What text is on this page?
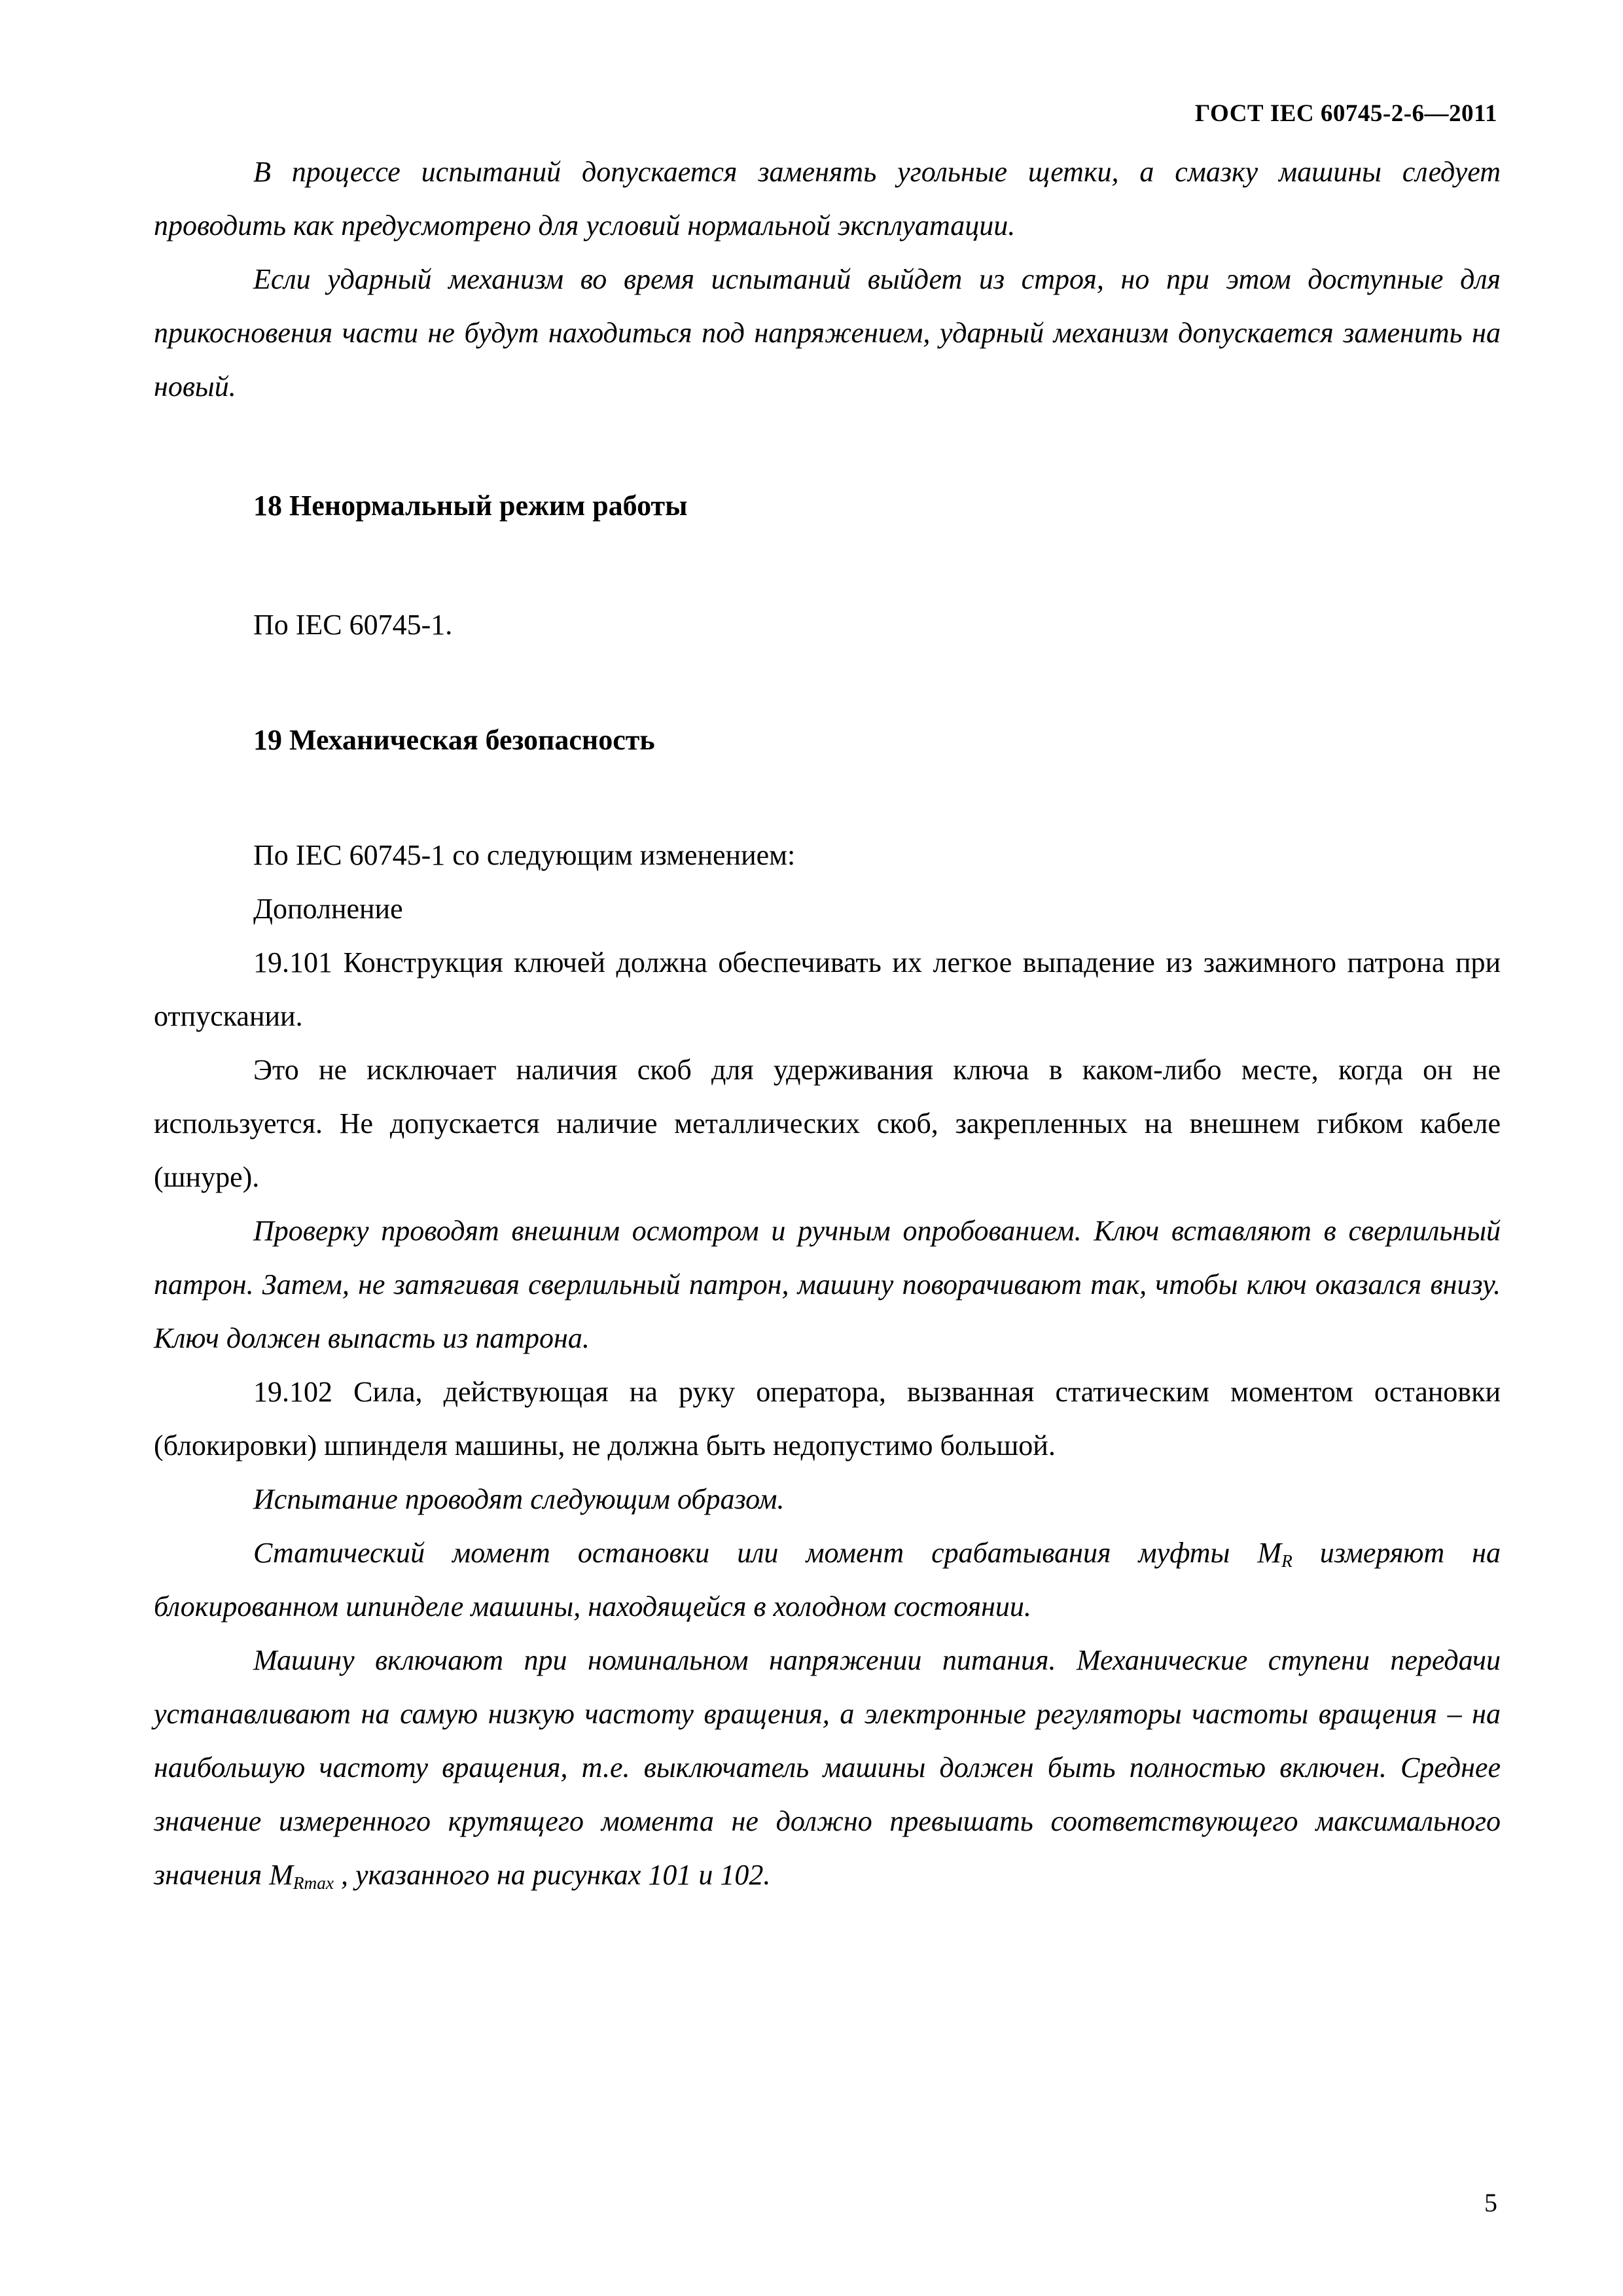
ГОСТ IEC 60745-2-6—2011

В процессе испытаний допускается заменять угольные щетки, а смазку машины следует проводить как предусмотрено для условий нормальной эксплуатации.

Если ударный механизм во время испытаний выйдет из строя, но при этом доступные для прикосновения части не будут находиться под напряжением, ударный механизм допускается заменить на новый.

18 Ненормальный режим работы

По IEC 60745-1.

19 Механическая безопасность

По IEC 60745-1 со следующим изменением:

Дополнение

19.101 Конструкция ключей должна обеспечивать их легкое выпадение из зажимного патрона при отпускании.

Это не исключает наличия скоб для удерживания ключа в каком-либо месте, когда он не используется. Не допускается наличие металлических скоб, закрепленных на внешнем гибком кабеле (шнуре).

Проверку проводят внешним осмотром и ручным опробованием. Ключ вставляют в сверлильный патрон. Затем, не затягивая сверлильный патрон, машину поворачивают так, чтобы ключ оказался внизу. Ключ должен выпасть из патрона.

19.102 Сила, действующая на руку оператора, вызванная статическим моментом остановки (блокировки) шпинделя машины, не должна быть недопустимо большой.

Испытание проводят следующим образом.

Статический момент остановки или момент срабатывания муфты $M_R$ измеряют на блокированном шпинделе машины, находящейся в холодном состоянии.

Машину включают при номинальном напряжении питания. Механические ступени передачи устанавливают на самую низкую частоту вращения, а электронные регуляторы частоты вращения – на наибольшую частоту вращения, т.е. выключатель машины должен быть полностью включен. Среднее значение измеренного крутящего момента не должно превышать соответствующего максимального значения $M_{Rmax}$ , указанного на рисунках 101 и 102.

5
